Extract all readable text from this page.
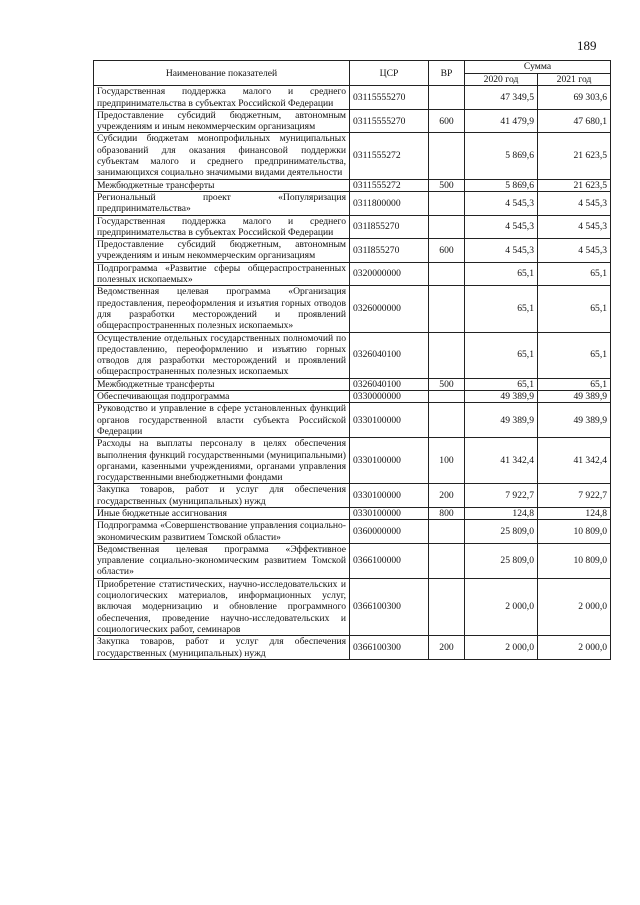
189
Наименование показателей	ЦСР	ВР	Сумма	
			2020 год	2021 год
Государственная поддержка малого и среднего предпринимательства в субъектах Российской Федерации	03115555270		47 349,5	69 303,6
Предоставление субсидий бюджетным, автономным учреждениям и иным некоммерческим организациям	03115555270	600	41 479,9	47 680,1
Субсидии бюджетам монопрофильных муниципальных образований для оказания финансовой поддержки субъектам малого и среднего предпринимательства, занимающихся социально значимыми видами деятельности	0311555272		5 869,6	21 623,5
Межбюджетные трансферты	0311555272	500	5 869,6	21 623,5
Региональный проект «Популяризация предпринимательства»	0311800000		4 545,3	4 545,3
Государственная поддержка малого и среднего предпринимательства в субъектах Российской Федерации	031I855270		4 545,3	4 545,3
Предоставление субсидий бюджетным, автономным учреждениям и иным некоммерческим организациям	031I855270	600	4 545,3	4 545,3
Подпрограмма «Развитие сферы общераспространенных полезных ископаемых»	0320000000		65,1	65,1
Ведомственная целевая программа «Организация предоставления, переоформления и изъятия горных отводов для разработки месторождений и проявлений общераспространенных полезных ископаемых»	0326000000		65,1	65,1
Осуществление отдельных государственных полномочий по предоставлению, переоформлению и изъятию горных отводов для разработки месторождений и проявлений общераспространенных полезных ископаемых	0326040100		65,1	65,1
Межбюджетные трансферты	0326040100	500	65,1	65,1
Обеспечивающая подпрограмма	0330000000		49 389,9	49 389,9
Руководство и управление в сфере установленных функций органов государственной власти субъекта Российской Федерации	0330100000		49 389,9	49 389,9
Расходы на выплаты персоналу в целях обеспечения выполнения функций государственными (муниципальными) органами, казенными учреждениями, органами управления государственными внебюджетными фондами	0330100000	100	41 342,4	41 342,4
Закупка товаров, работ и услуг для обеспечения государственных (муниципальных) нужд	0330100000	200	7 922,7	7 922,7
Иные бюджетные ассигнования	0330100000	800	124,8	124,8
Подпрограмма «Совершенствование управления социально-экономическим развитием Томской области»	0360000000		25 809,0	10 809,0
Ведомственная целевая программа «Эффективное управление социально-экономическим развитием Томской области»	0366100000		25 809,0	10 809,0
Приобретение статистических, научно-исследовательских и социологических материалов, информационных услуг, включая модернизацию и обновление программного обеспечения, проведение научно-исследовательских и социологических работ, семинаров	0366100300		2 000,0	2 000,0
Закупка товаров, работ и услуг для обеспечения государственных (муниципальных) нужд	0366100300	200	2 000,0	2 000,0
